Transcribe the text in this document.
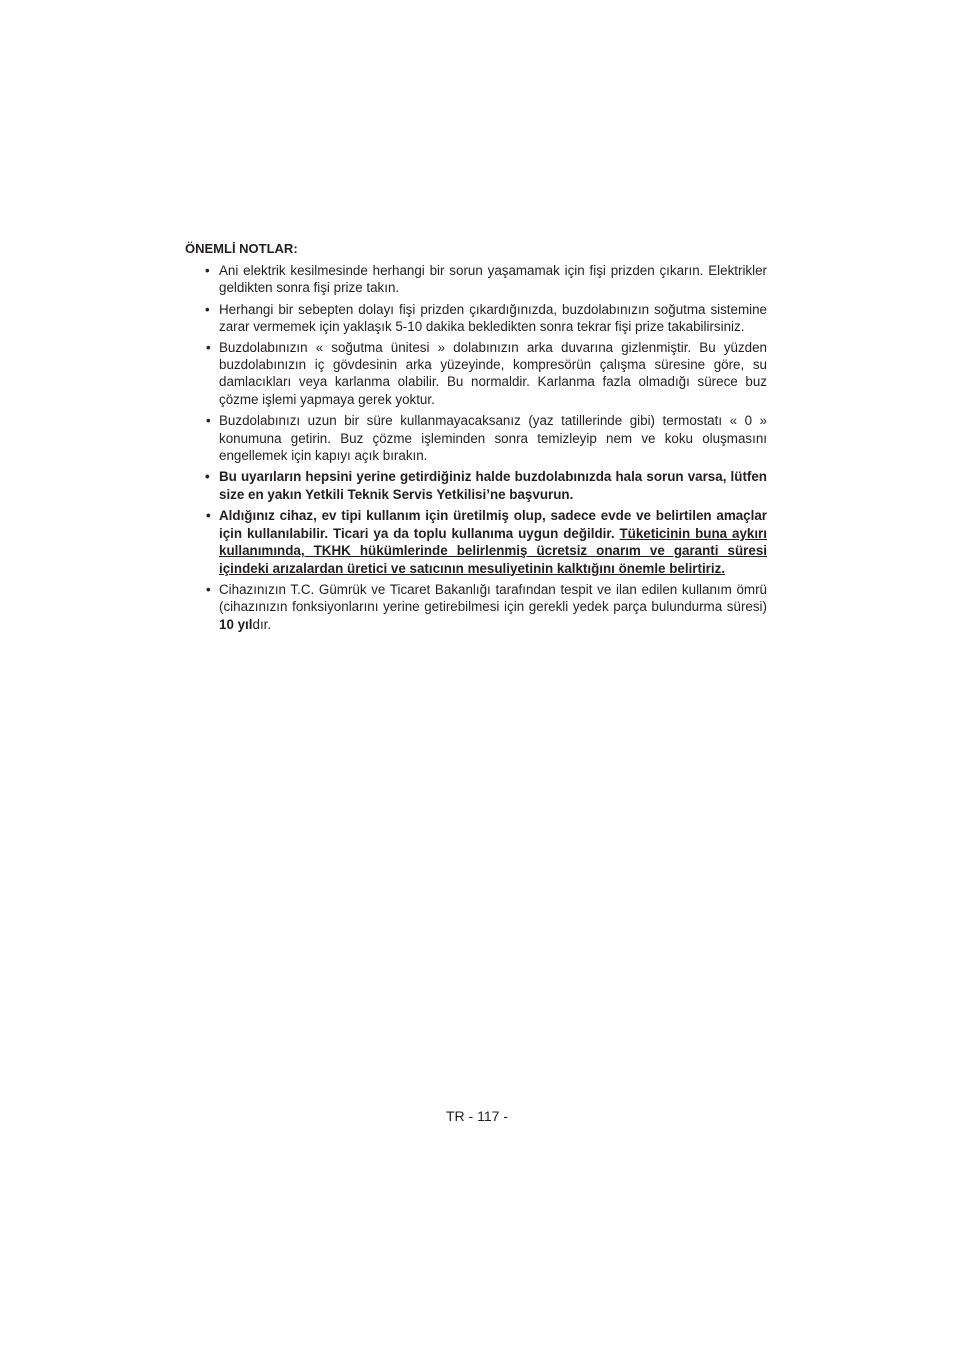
ÖNEMLİ NOTLAR:
• Ani elektrik kesilmesinde herhangi bir sorun yaşamamak için fişi prizden çıkarın. Elektrikler geldikten sonra fişi prize takın.
• Herhangi bir sebepten dolayı fişi prizden çıkardığınızda, buzdolabınızın soğutma sistemine zarar vermemek için yaklaşık 5-10 dakika bekledikten sonra tekrar fişi prize takabilirsiniz.
• Buzdolabınızın « soğutma ünitesi » dolabınızın arka duvarına gizlenmiştir. Bu yüzden buzdolabınızın iç gövdesinin arka yüzeyinde, kompresörün çalışma süresine göre, su damlacıkları veya karlanma olabilir. Bu normaldir. Karlanma fazla olmadığı sürece buz çözme işlemi yapmaya gerek yoktur.
• Buzdolabınızı uzun bir süre kullanmayacaksanız (yaz tatillerinde gibi) termostatı « 0 » konumuna getirin. Buz çözme işleminden sonra temizleyip nem ve koku oluşmasını engellemek için kapıyı açık bırakın.
• Bu uyarıların hepsini yerine getirdiğiniz halde buzdolabınızda hala sorun varsa, lütfen size en yakın Yetkili Teknik Servis Yetkilisi’ne başvurun.
• Aldığınız cihaz, ev tipi kullanım için üretilmiş olup, sadece evde ve belirtilen amaçlar için kullanılabilir. Ticari ya da toplu kullanıma uygun değildir. Tüketicinin buna aykırı kullanımında, TKHK hükümlerinde belirlenmiş ücretsiz onarım ve garanti süresi içindeki arızalardan üretici ve satıcının mesuliyetinin kalktığını önemle belirtiriz.
• Cihazınızın T.C. Gümrük ve Ticaret Bakanlığı tarafından tespit ve ilan edilen kullanım ömrü (cihazınızın fonksiyonlarını yerine getirebilmesi için gerekli yedek parça bulundurma süresi) 10 yıldır.
TR - 117 -
